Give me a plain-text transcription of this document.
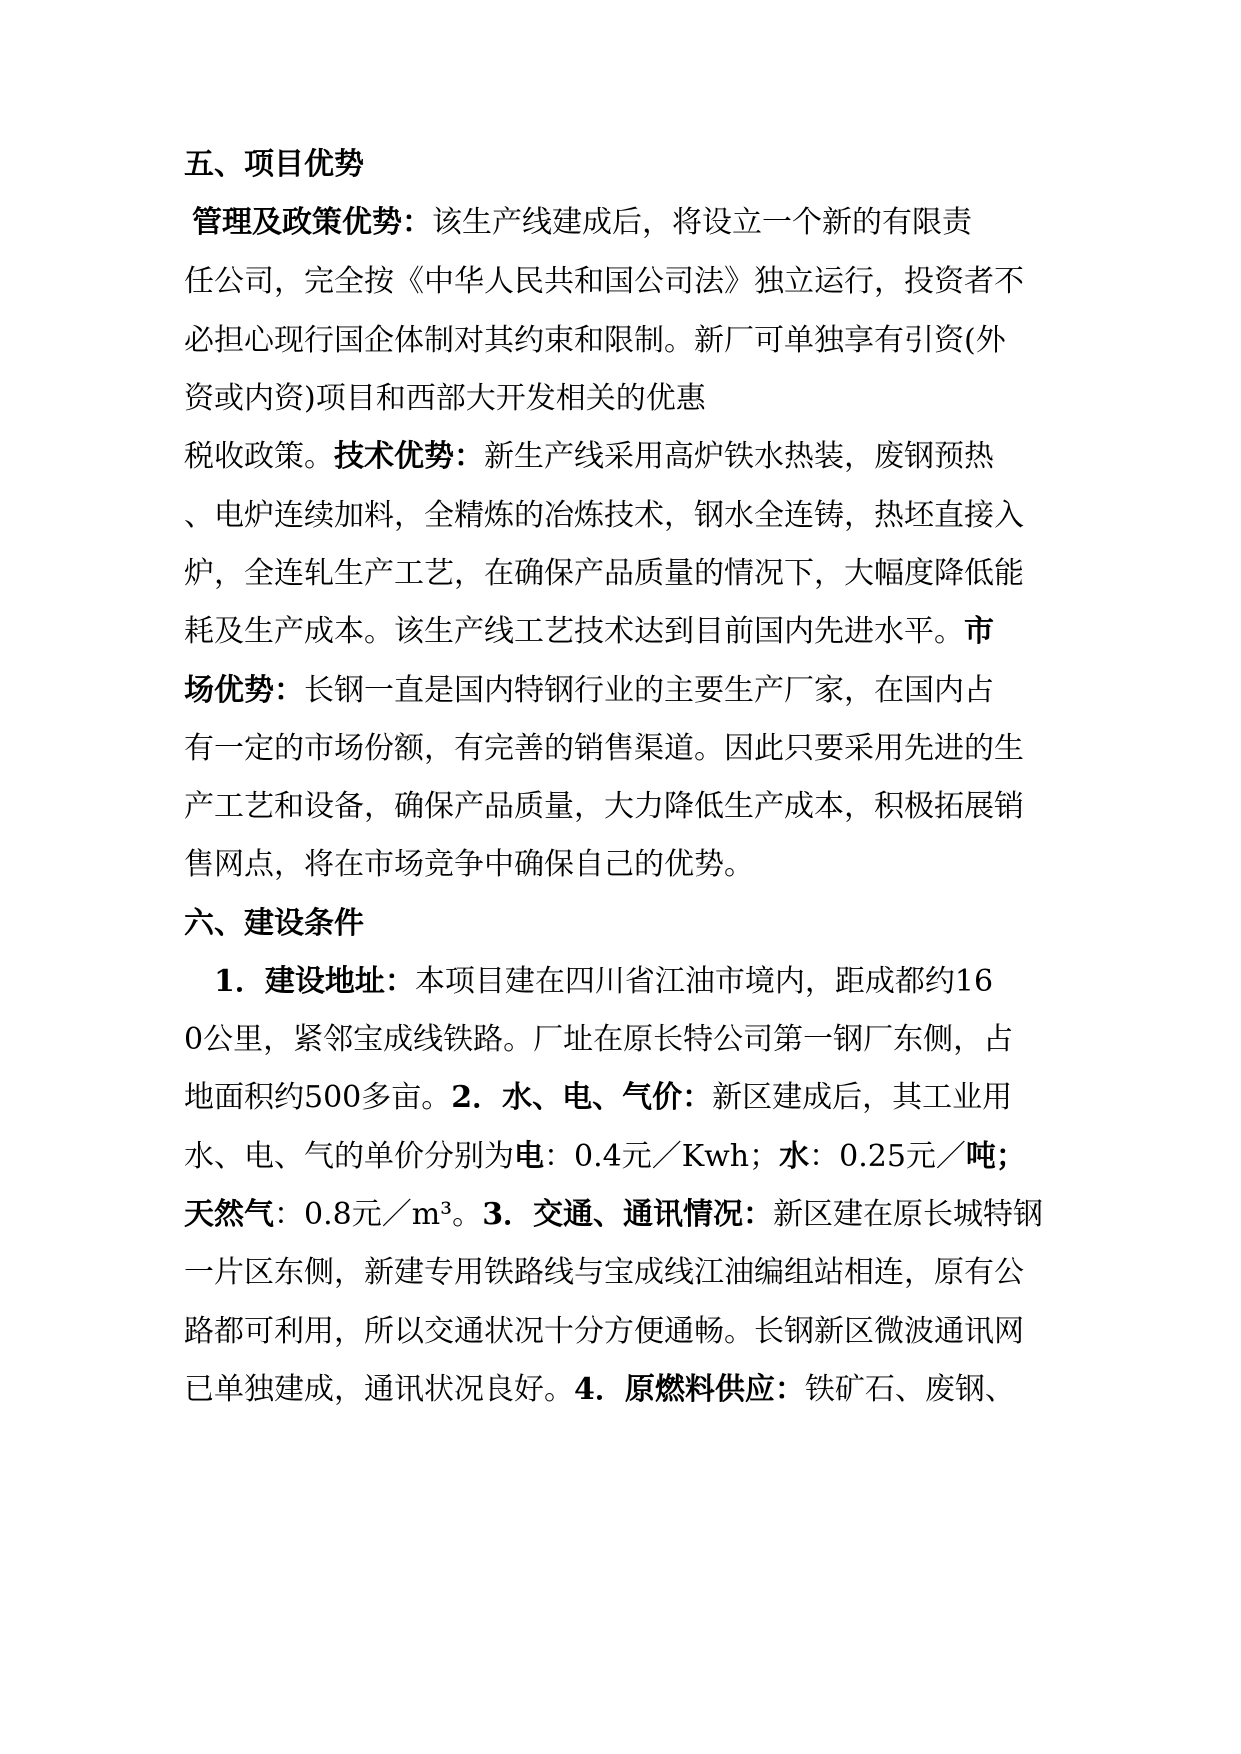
五、项目优势
管理及政策优势：该生产线建成后，将设立一个新的有限责
任公司，完全按《中华人民共和国公司法》独立运行，投资者不
必担心现行国企体制对其约束和限制。新厂可单独享有引资(外
资或内资)项目和西部大开发相关的优惠
税收政策。技术优势：新生产线采用高炉铁水热装，废钢预热
、电炉连续加料，全精炼的冶炼技术，钢水全连铸，热坯直接入
炉，全连轧生产工艺，在确保产品质量的情况下，大幅度降低能
耗及生产成本。该生产线工艺技术达到目前国内先进水平。市
场优势：长钢一直是国内特钢行业的主要生产厂家，在国内占
有一定的市场份额，有完善的销售渠道。因此只要采用先进的生
产工艺和设备，确保产品质量，大力降低生产成本，积极拓展销
售网点，将在市场竞争中确保自己的优势。
六、建设条件
1．建设地址：本项目建在四川省江油市境内，距成都约16
0公里，紧邻宝成线铁路。厂址在原长特公司第一钢厂东侧，占
地面积约500多亩。2．水、电、气价：新区建成后，其工业用
水、电、气的单价分别为电：0.4元／Kwh；水：0.25元／吨；
天然气：0.8元／m³。3．交通、通讯情况：新区建在原长城特钢
一片区东侧，新建专用铁路线与宝成线江油编组站相连，原有公
路都可利用，所以交通状况十分方便通畅。长钢新区微波通讯网
已单独建成，通讯状况良好。4．原燃料供应：铁矿石、废钢、
